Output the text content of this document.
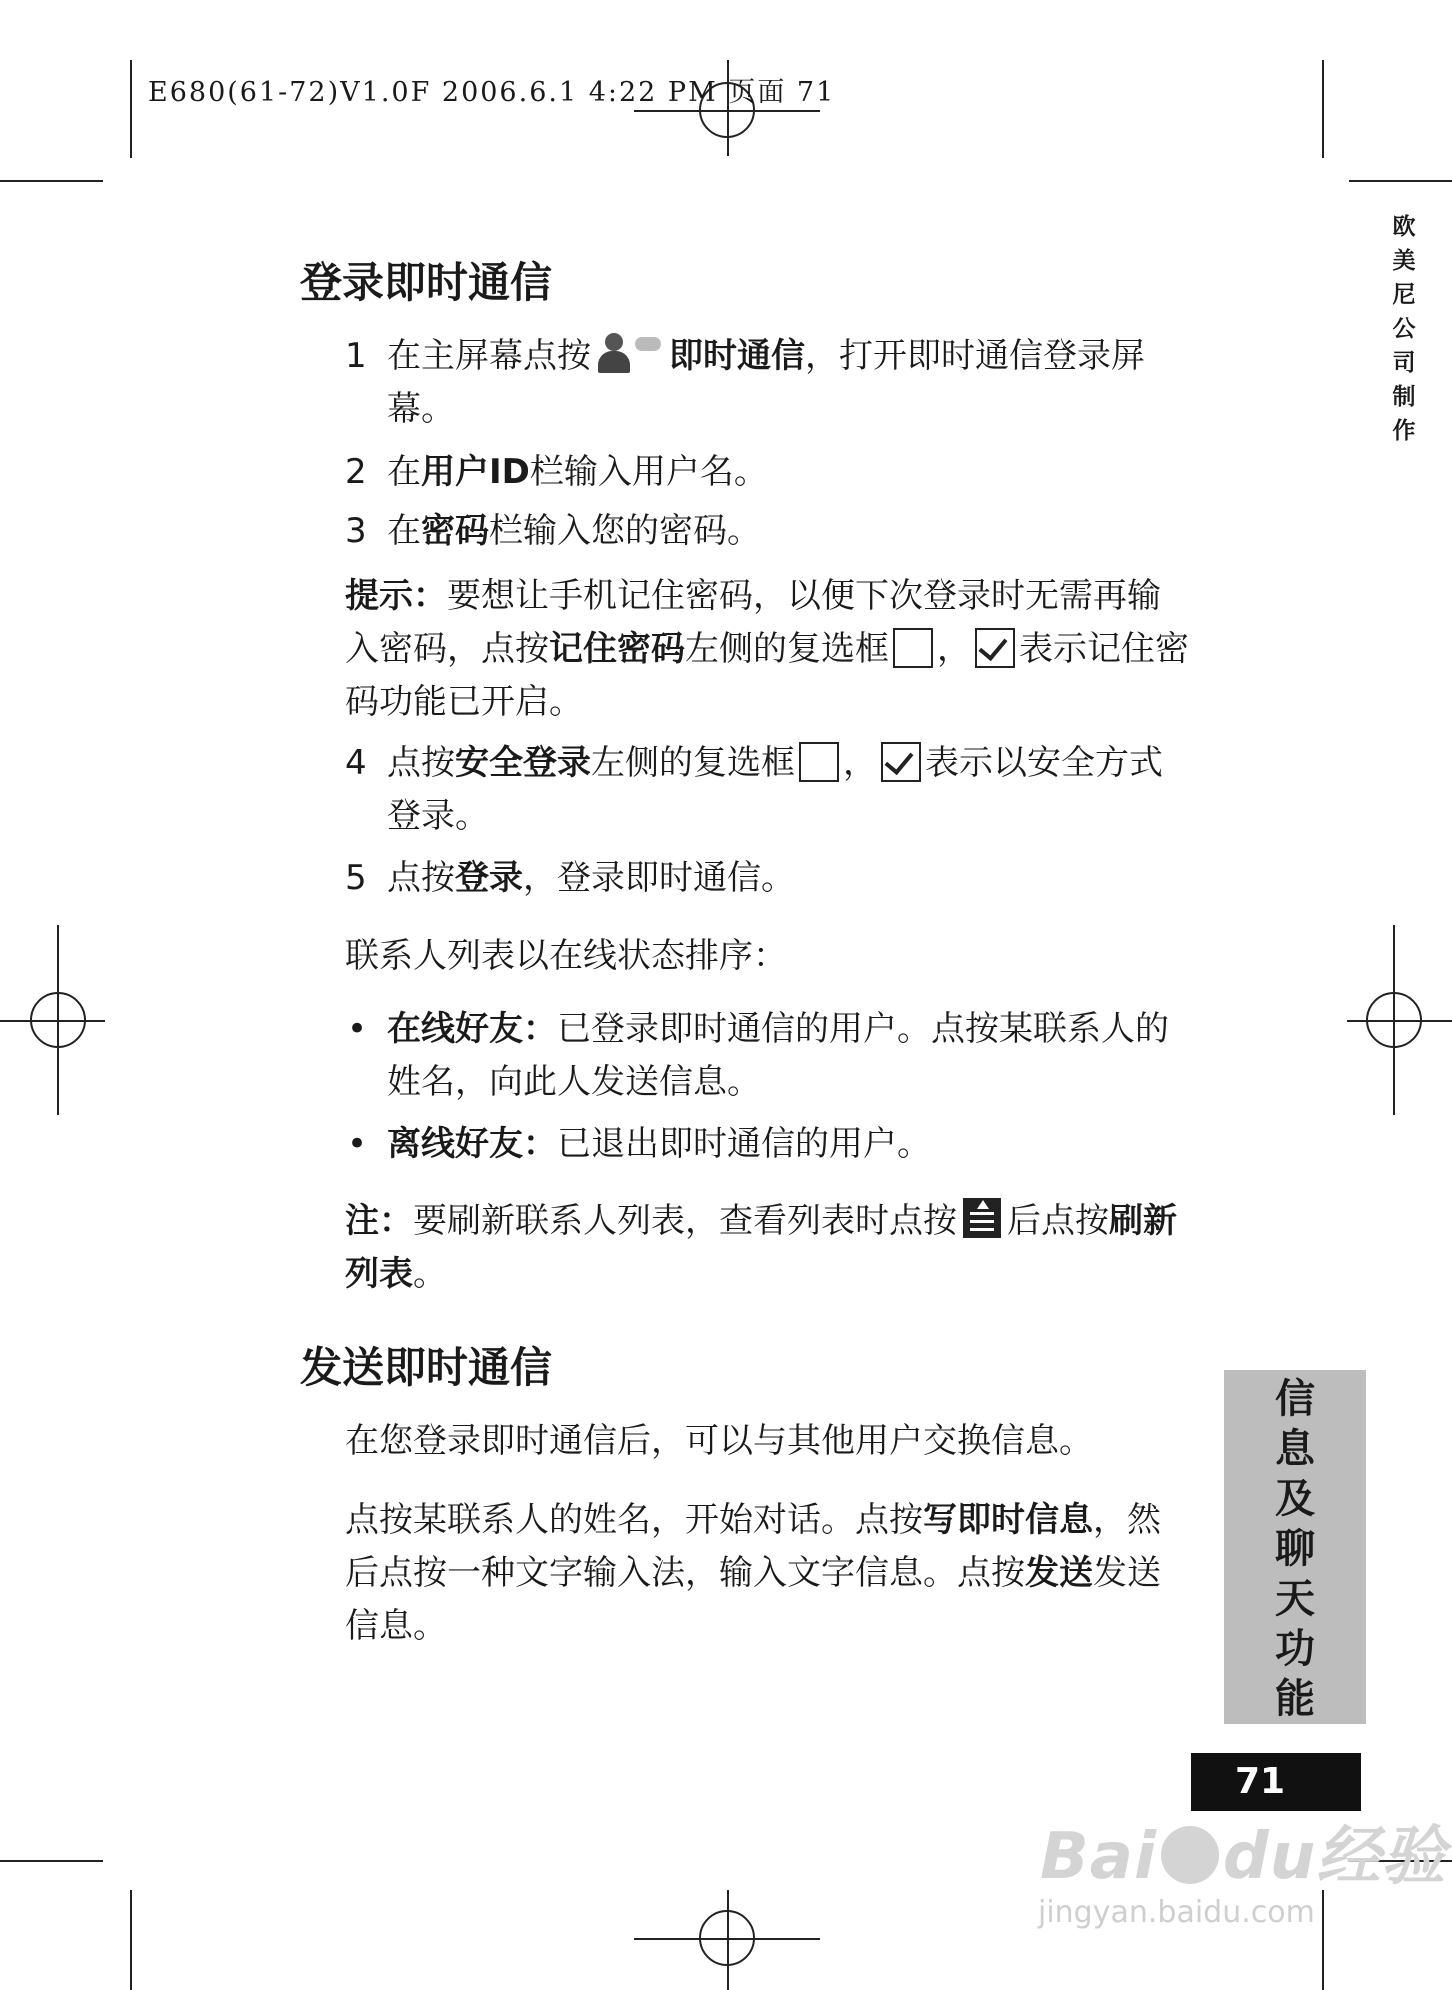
E680(61-72)V1.0F 2006.6.1 4:22 PM 页面 71
欧
美
尼
公
司
制
作
登录即时通信
1 在主屏幕点按 即时通信，打开即时通信登录屏幕。
2 在用户ID栏输入用户名。
3 在密码栏输入您的密码。
提示：要想让手机记住密码，以便下次登录时无需再输入密码，点按记住密码左侧的复选框 ， 表示记住密码功能已开启。
4 点按安全登录左侧的复选框 ， 表示以安全方式登录。
5 点按登录，登录即时通信。
联系人列表以在线状态排序：
• 在线好友：已登录即时通信的用户。点按某联系人的姓名，向此人发送信息。
• 离线好友：已退出即时通信的用户。
注：要刷新联系人列表，查看列表时点按 后点按刷新列表。
发送即时通信
在您登录即时通信后，可以与其他用户交换信息。
点按某联系人的姓名，开始对话。点按写即时信息，然后点按一种文字输入法，输入文字信息。点按发送发送信息。
信
息
及
聊
天
功
能
71
Bai du经验
jingyan.baidu.com
